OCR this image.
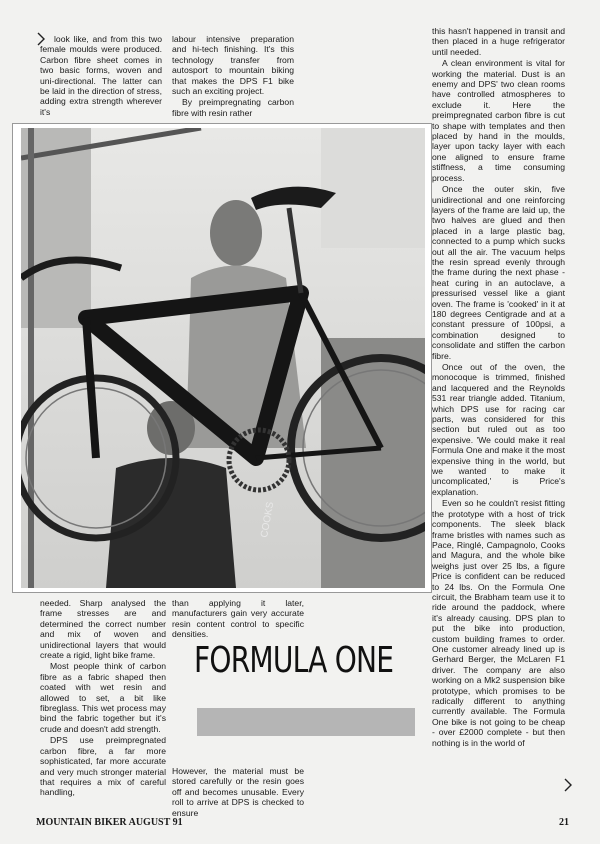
look like, and from this two female moulds were produced. Carbon fibre sheet comes in two basic forms, woven and uni-directional. The latter can be laid in the direction of stress, adding extra strength wherever it's

labour intensive preparation and hi-tech finishing. It's this technology transfer from autosport to mountain biking that makes the DPS F1 bike such an exciting project.

By preimpregnating carbon fibre with resin rather

this hasn't happened in transit and then placed in a huge refrigerator until needed.

A clean environment is vital for working the material. Dust is an enemy and DPS' two clean rooms have controlled atmospheres to exclude it. Here the preimpregnated carbon fibre is cut to shape with templates and then placed by hand in the moulds, layer upon tacky layer with each one aligned to ensure frame stiffness, a time consuming process.

Once the outer skin, five unidirectional and one reinforcing layers of the frame are laid up, the two halves are glued and then placed in a large plastic bag, connected to a pump which sucks out all the air. The vacuum helps the resin spread evenly through the frame during the next phase - heat curing in an autoclave, a pressurised vessel like a giant oven. The frame is 'cooked' in it at 180 degrees Centigrade and at a constant pressure of 100psi, a combination designed to consolidate and stiffen the carbon fibre.

Once out of the oven, the monocoque is trimmed, finished and lacquered and the Reynolds 531 rear triangle added. Titanium, which DPS use for racing car parts, was considered for this section but ruled out as too expensive. 'We could make it real Formula One and make it the most expensive thing in the world, but we wanted to make it uncomplicated,' is Price's explanation.

Even so he couldn't resist fitting the prototype with a host of trick components. The sleek black frame bristles with names such as Pace, Ringlé, Campagnolo, Cooks and Magura, and the whole bike weighs just over 25 lbs, a figure Price is confident can be reduced to 24 lbs. On the Formula One circuit, the Brabham team use it to ride around the paddock, where it's already causing. DPS plan to put the bike into production, custom building frames to order. One customer already lined up is Gerhard Berger, the McLaren F1 driver. The company are also working on a Mk2 suspension bike prototype, which promises to be radically different to anything currently available. The Formula One bike is not going to be cheap - over £2000 complete - but then nothing is in the world of

COOKS

needed. Sharp analysed the frame stresses are and determined the correct number and mix of woven and unidirectional layers that would create a rigid, light bike frame.

Most people think of carbon fibre as a fabric shaped then coated with wet resin and allowed to set, a bit like fibreglass. This wet process may bind the fabric together but it's crude and doesn't add strength.

DPS use preimpregnated carbon fibre, a far more sophisticated, far more accurate and very much stronger material that requires a mix of careful handling,

than applying it later, manufacturers gain very accurate resin content control to specific densities.

FORMULA ONE

However, the material must be stored carefully or the resin goes off and becomes unusable. Every roll to arrive at DPS is checked to ensure

MOUNTAIN BIKER AUGUST 91	21
